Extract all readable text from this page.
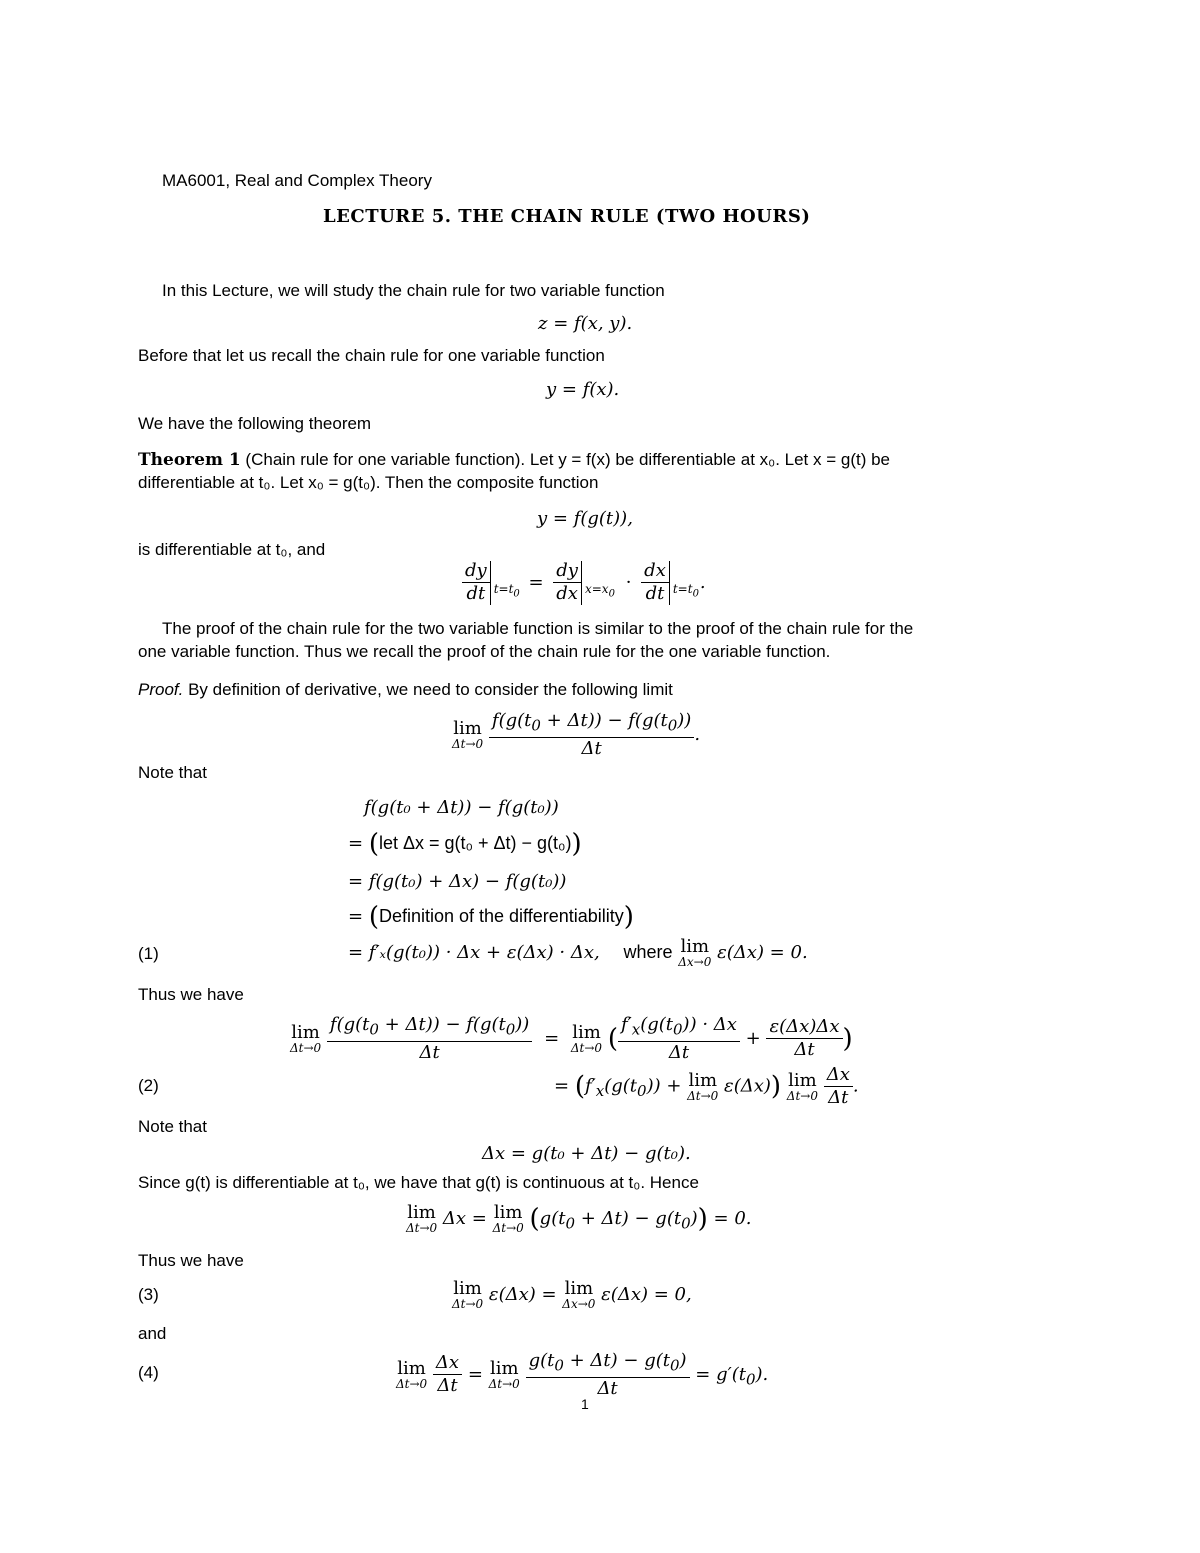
MA6001, Real and Complex Theory
LECTURE 5. THE CHAIN RULE (TWO HOURS)
In this Lecture, we will study the chain rule for two variable function
z = f(x, y).
Before that let us recall the chain rule for one variable function
y = f(x).
We have the following theorem
Theorem 1 (Chain rule for one variable function). Let y = f(x) be differentiable at x₀. Let x = g(t) be
differentiable at t₀. Let x₀ = g(t₀). Then the composite function
y = f(g(t)),
is differentiable at t₀, and
$\frac{dy}{dt} t=t_0$
= $\frac{dy}{dx} x=x_0$
· $\frac{dx}{dt} t=t_0$
.
The proof of the chain rule for the two variable function is similar to the proof of the chain rule for the
one variable function. Thus we recall the proof of the chain rule for the one variable function.
Proof. By definition of derivative, we need to consider the following limit
lim
Δt→0
$\frac{f(g(t_0 + \Delta t)) - f(g(t_0))}{\Delta t}$ .
Note that
f(g(t₀ + Δt)) − f(g(t₀))
= (let Δx = g(t₀ + Δt) − g(t₀))
= f(g(t₀) + Δx) − f(g(t₀))
= (Definition of the differentiability)
(1)	= f′ₓ(g(t₀)) · Δx + ε(Δx) · Δx, where lim
Δx→0 ε(Δx) = 0.
Thus we have
lim
Δt→0
$\frac{f(g(t_0 + \Delta t)) - f(g(t_0))}{\Delta t} = \lim$
Δt→0 ( $\frac{f'_x(g(t_0)) \cdot \Delta x}{\Delta t} + \frac{\varepsilon(\Delta x)\Delta x}{\Delta t}$ )
(2)	= ($f'_x(g(t_0)) + \lim$
Δt→0 ε(Δx)) lim
Δt→0
$\frac{\Delta x}{\Delta t}$ .
Note that
Δx = g(t₀ + Δt) − g(t₀).
Since g(t) is differentiable at t₀, we have that g(t) is continuous at t₀. Hence
lim
Δt→0 Δx = lim
Δt→0 $(g(t_0 + \Delta t) - g(t_0)) = 0$.
Thus we have
(3)	lim
Δt→0 ε(Δx) = lim
Δx→0 ε(Δx) = 0,
and
(4)	lim
Δt→0
$\frac{\Delta x}{\Delta t} = \lim$
Δt→0
$\frac{g(t_0 + \Delta t) - g(t_0)}{\Delta t} = g'(t_0)$.
1
